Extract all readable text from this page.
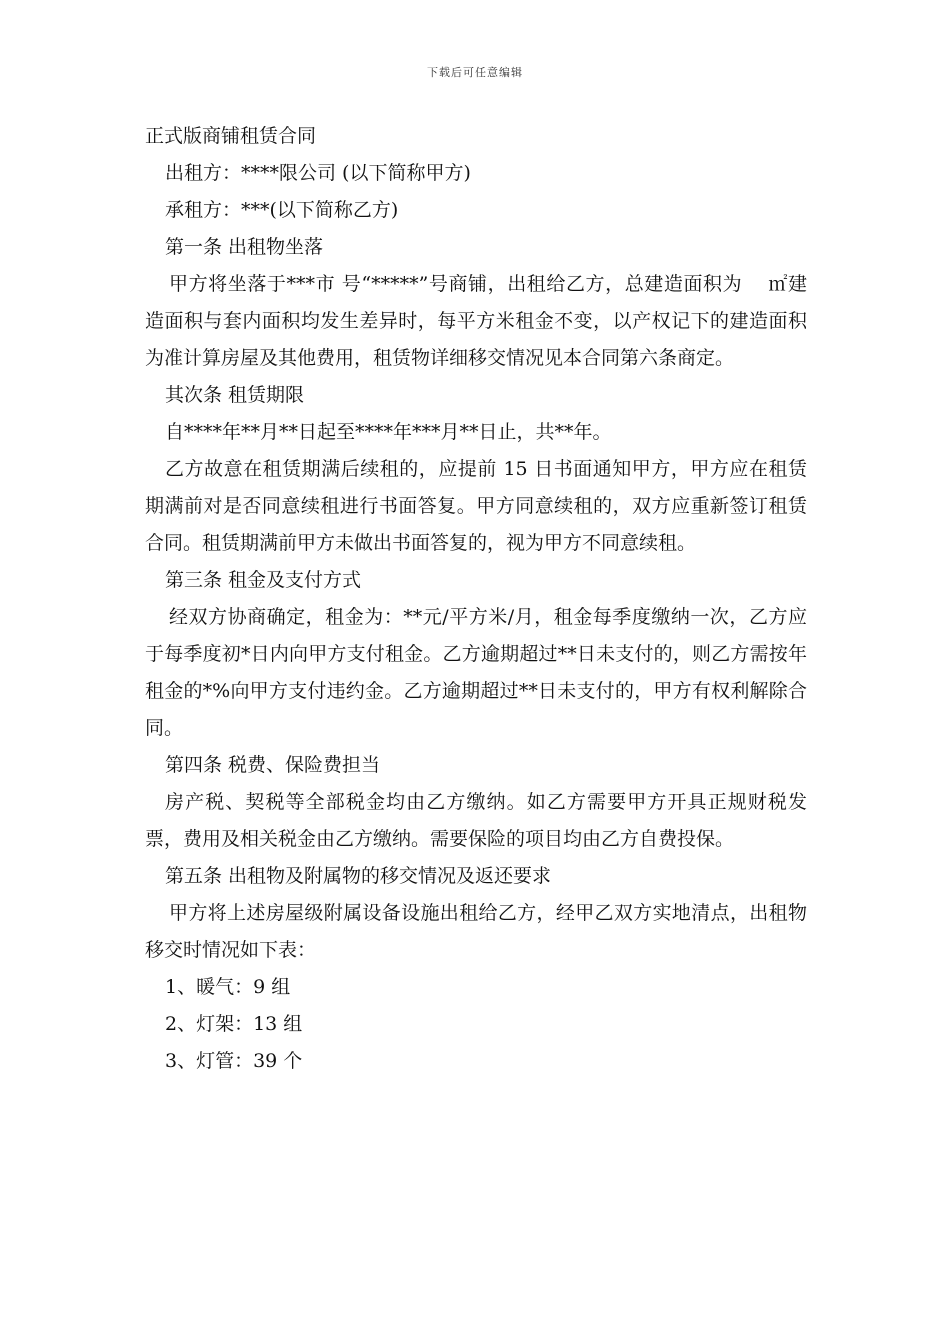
下载后可任意编辑

正式版商铺租赁合同

出租方：****限公司 (以下简称甲方)

承租方：***(以下简称乙方)

第一条 出租物坐落

甲方将坐落于***市 号“*****”号商铺，出租给乙方，总建造面积为　 ㎡建造面积与套内面积均发生差异时，每平方米租金不变，以产权记下的建造面积为准计算房屋及其他费用，租赁物详细移交情况见本合同第六条商定。

其次条 租赁期限

自****年**月**日起至****年***月**日止，共**年。

乙方故意在租赁期满后续租的，应提前 15 日书面通知甲方，甲方应在租赁期满前对是否同意续租进行书面答复。甲方同意续租的，双方应重新签订租赁合同。租赁期满前甲方未做出书面答复的，视为甲方不同意续租。

第三条 租金及支付方式

经双方协商确定，租金为：**元/平方米/月，租金每季度缴纳一次，乙方应于每季度初*日内向甲方支付租金。乙方逾期超过**日未支付的，则乙方需按年租金的*%向甲方支付违约金。乙方逾期超过**日未支付的，甲方有权利解除合同。

第四条 税费、保险费担当

房产税、契税等全部税金均由乙方缴纳。如乙方需要甲方开具正规财税发票，费用及相关税金由乙方缴纳。需要保险的项目均由乙方自费投保。

第五条 出租物及附属物的移交情况及返还要求

甲方将上述房屋级附属设备设施出租给乙方，经甲乙双方实地清点，出租物移交时情况如下表：

1、暖气：9 组

2、灯架：13 组

3、灯管：39 个
